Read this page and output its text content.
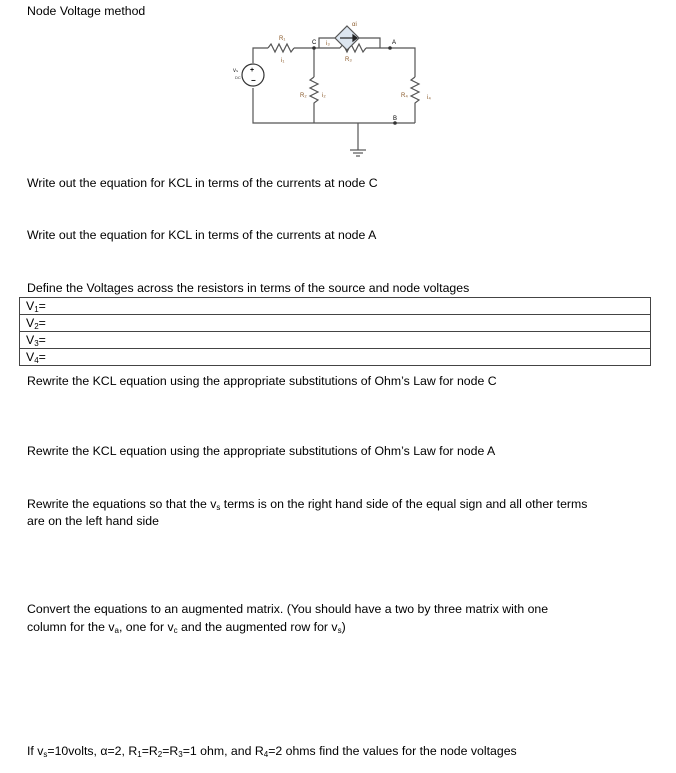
Node Voltage method
+
−
αi
R₁
i₁
C i₃
R₃
A
R₂	i₂	R₄	i₄
B
vₛ
DC
Write out the equation for KCL in terms of the currents at node C
Write out the equation for KCL in terms of the currents at node A
Define the Voltages across the resistors in terms of the source and node voltages
$V_1=$
$V_2=$
$V_3=$
$V_4=$
Rewrite the KCL equation using the appropriate substitutions of Ohm’s Law for node C
Rewrite the KCL equation using the appropriate substitutions of Ohm’s Law for node A
Rewrite the equations so that the $v_s$ terms is on the right hand side of the equal sign and all other terms
are on the left hand side
Convert the equations to an augmented matrix. (You should have a two by three matrix with one
column for the $v_a$, one for $v_c$ and the augmented row for $v_s$)
If $v_s=10volts$, α=2, $R_1=R_2=R_3=1$ ohm, and $R_4=2$ ohms find the values for the node voltages
